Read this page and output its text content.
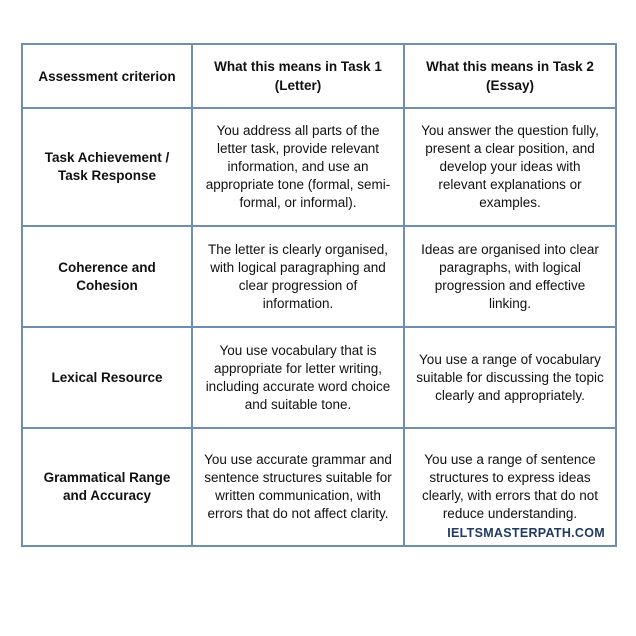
Assessment criterion	What this means in Task 1 (Letter)	What this means in Task 2 (Essay)
Task Achievement / Task Response	You address all parts of the letter task, provide relevant information, and use an appropriate tone (formal, semi-formal, or informal).	You answer the question fully, present a clear position, and develop your ideas with relevant explanations or examples.
Coherence and Cohesion	The letter is clearly organised, with logical paragraphing and clear progression of information.	Ideas are organised into clear paragraphs, with logical progression and effective linking.
Lexical Resource	You use vocabulary that is appropriate for letter writing, including accurate word choice and suitable tone.	You use a range of vocabulary suitable for discussing the topic clearly and appropriately.
Grammatical Range and Accuracy	You use accurate grammar and sentence structures suitable for written communication, with errors that do not affect clarity.	You use a range of sentence structures to express ideas clearly, with errors that do not reduce understanding.
IELTSMASTERPATH.COM
